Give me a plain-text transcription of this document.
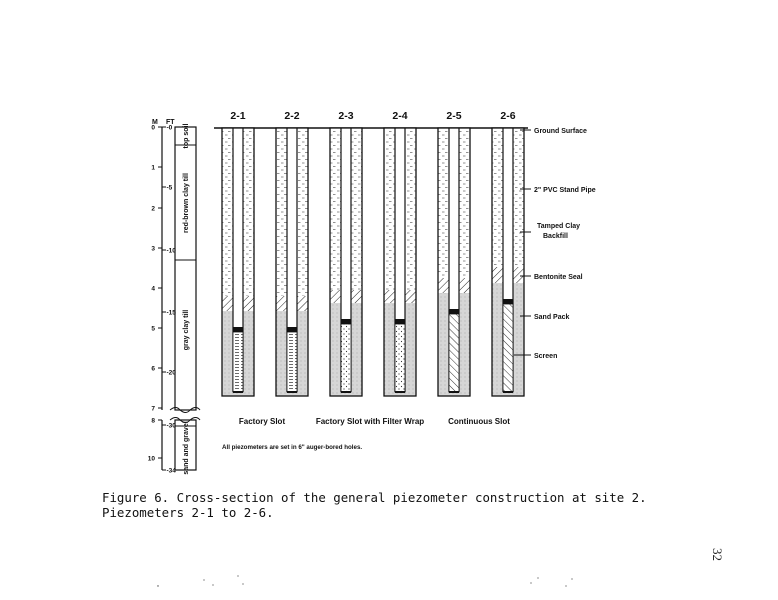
M FT
0
1
2
3
4
5
6
7
8
10
-0
-5
-10
-15
-20
-30
-34
top soil
red-brown clay till
gray clay till
sand and gravel
2-1	2-2	2-3	2-4	2-5	2-6
Factory Slot	Factory Slot with Filter Wrap	Continuous Slot
All piezometers are set in 6" auger-bored holes.
Ground Surface
2" PVC Stand Pipe
Tamped Clay Backfill
Bentonite Seal
Sand Pack
Screen
Figure 6. Cross-section of the general piezometer construction at site 2.
Piezometers 2-1 to 2-6.
32
